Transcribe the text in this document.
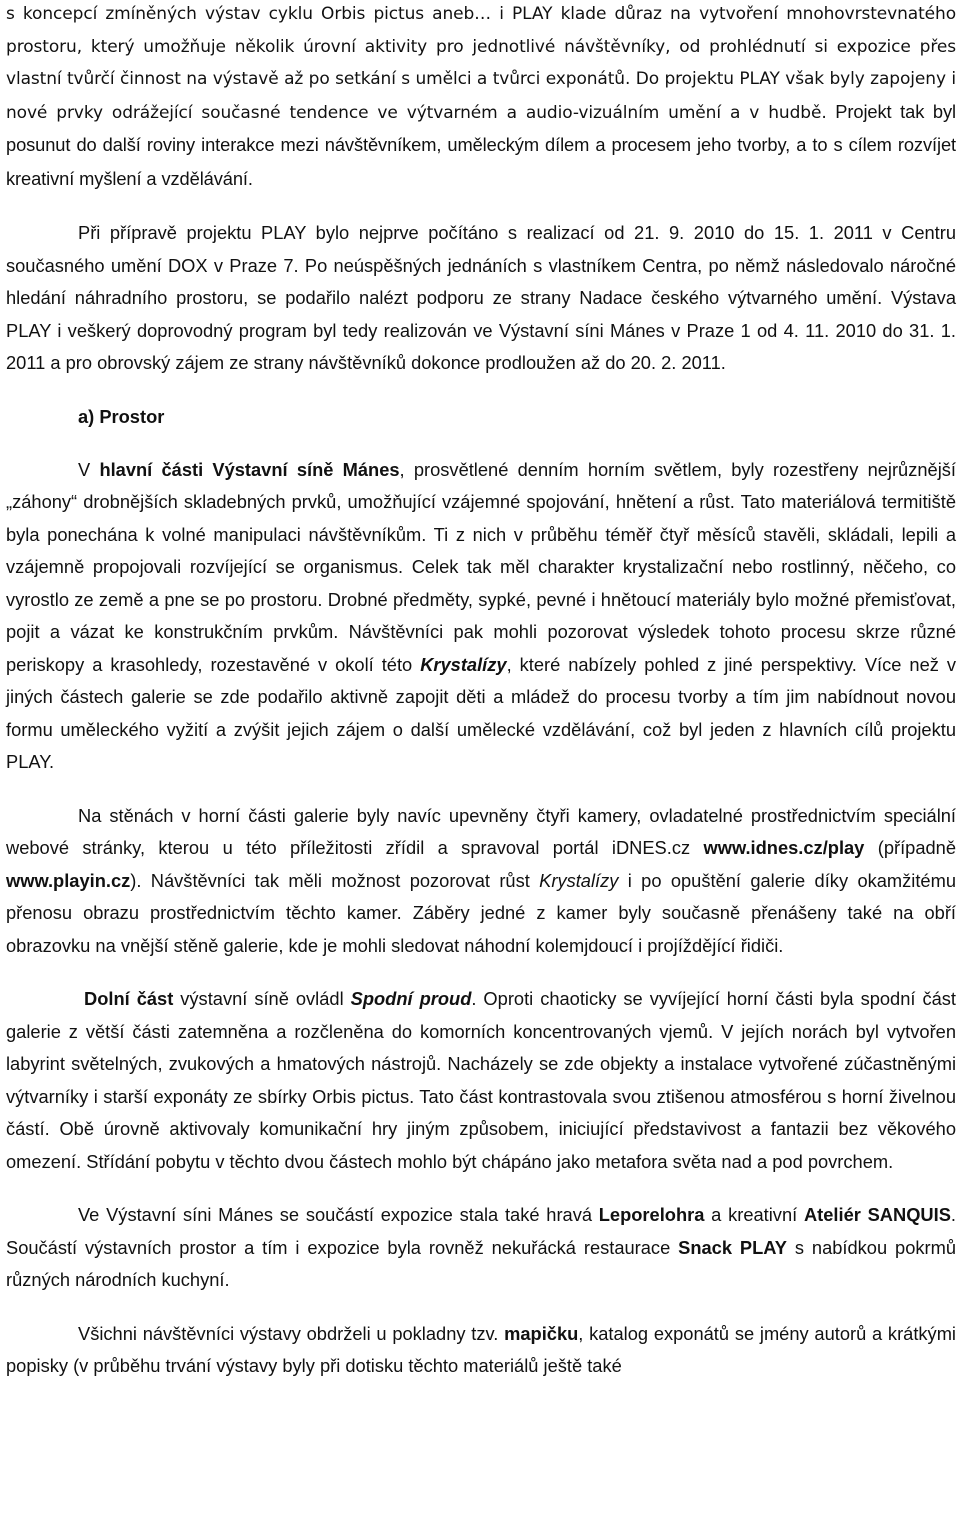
s koncepcí zmíněných výstav cyklu Orbis pictus aneb… i PLAY klade důraz na vytvoření mnohovrstevnatého prostoru, který umožňuje několik úrovní aktivity pro jednotlivé návštěvníky, od prohlédnutí si expozice přes vlastní tvůrčí činnost na výstavě až po setkání s umělci a tvůrci exponátů. Do projektu PLAY však byly zapojeny i nové prvky odrážející současné tendence ve výtvarném a audio-vizuálním umění a v hudbě. Projekt tak byl posunut do další roviny interakce mezi návštěvníkem, uměleckým dílem a procesem jeho tvorby, a to s cílem rozvíjet kreativní myšlení a vzdělávání.

Při přípravě projektu PLAY bylo nejprve počítáno s realizací od 21. 9. 2010 do 15. 1. 2011 v Centru současného umění DOX v Praze 7. Po neúspěšných jednáních s vlastníkem Centra, po němž následovalo náročné hledání náhradního prostoru, se podařilo nalézt podporu ze strany Nadace českého výtvarného umění. Výstava PLAY i veškerý doprovodný program byl tedy realizován ve Výstavní síni Mánes v Praze 1 od 4. 11. 2010 do 31. 1. 2011 a pro obrovský zájem ze strany návštěvníků dokonce prodloužen až do 20. 2. 2011.

a) Prostor

V hlavní části Výstavní síně Mánes, prosvětlené denním horním světlem, byly rozestřeny nejrůznější „záhony“ drobnějších skladebných prvků, umožňující vzájemné spojování, hnětení a růst. Tato materiálová termitiště byla ponechána k volné manipulaci návštěvníkům. Ti z nich v průběhu téměř čtyř měsíců stavěli, skládali, lepili a vzájemně propojovali rozvíjející se organismus. Celek tak měl charakter krystalizační nebo rostlinný, něčeho, co vyrostlo ze země a pne se po prostoru. Drobné předměty, sypké, pevné i hnětoucí materiály bylo možné přemisťovat, pojit a vázat ke konstrukčním prvkům. Návštěvníci pak mohli pozorovat výsledek tohoto procesu skrze různé periskopy a krasohledy, rozestavěné v okolí této Krystalízy, které nabízely pohled z jiné perspektivy. Více než v jiných částech galerie se zde podařilo aktivně zapojit děti a mládež do procesu tvorby a tím jim nabídnout novou formu uměleckého vyžití a zvýšit jejich zájem o další umělecké vzdělávání, což byl jeden z hlavních cílů projektu PLAY.

Na stěnách v horní části galerie byly navíc upevněny čtyři kamery, ovladatelné prostřednictvím speciální webové stránky, kterou u této příležitosti zřídil a spravoval portál iDNES.cz www.idnes.cz/play (případně www.playin.cz). Návštěvníci tak měli možnost pozorovat růst Krystalízy i po opuštění galerie díky okamžitému přenosu obrazu prostřednictvím těchto kamer. Záběry jedné z kamer byly současně přenášeny také na obří obrazovku na vnější stěně galerie, kde je mohli sledovat náhodní kolemjdoucí i projíždějící řidiči.

Dolní část výstavní síně ovládl Spodní proud. Oproti chaoticky se vyvíjející horní části byla spodní část galerie z větší části zatemněna a rozčleněna do komorních koncentrovaných vjemů. V jejích norách byl vytvořen labyrint světelných, zvukových a hmatových nástrojů. Nacházely se zde objekty a instalace vytvořené zúčastněnými výtvarníky i starší exponáty ze sbírky Orbis pictus. Tato část kontrastovala svou ztišenou atmosférou s horní živelnou částí. Obě úrovně aktivovaly komunikační hry jiným způsobem, iniciující představivost a fantazii bez věkového omezení. Střídání pobytu v těchto dvou částech mohlo být chápáno jako metafora světa nad a pod povrchem.

Ve Výstavní síni Mánes se součástí expozice stala také hravá Leporelohra a kreativní Ateliér SANQUIS. Součástí výstavních prostor a tím i expozice byla rovněž nekuřácká restaurace Snack PLAY s nabídkou pokrmů různých národních kuchyní.

Všichni návštěvníci výstavy obdrželi u pokladny tzv. mapičku, katalog exponátů se jmény autorů a krátkými popisky (v průběhu trvání výstavy byly při dotisku těchto materiálů ještě také
